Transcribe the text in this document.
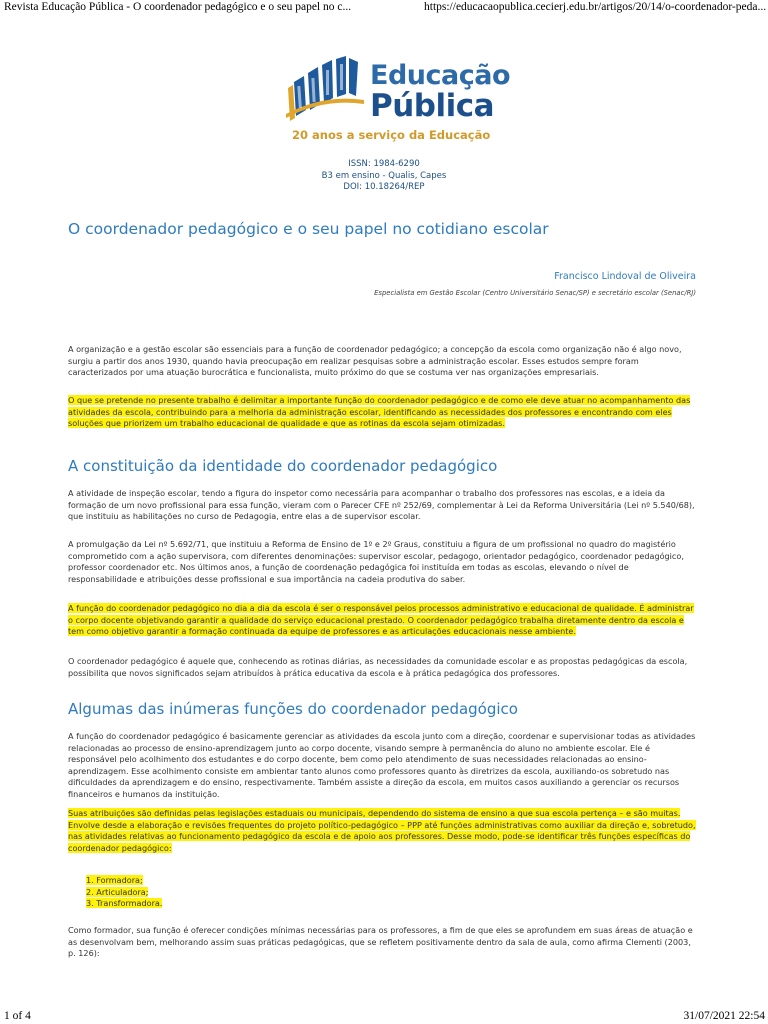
Revista Educação Pública - O coordenador pedagógico e o seu papel no c...	https://educacaopublica.cecierj.edu.br/artigos/20/14/o-coordenador-peda...
Educação
Pública
20 anos a serviço da Educação
ISSN: 1984-6290
B3 em ensino - Qualis, Capes
DOI: 10.18264/REP
O coordenador pedagógico e o seu papel no cotidiano escolar
Francisco Lindoval de Oliveira
Especialista em Gestão Escolar (Centro Universitário Senac/SP) e secretário escolar (Senac/RJ)

A organização e a gestão escolar são essenciais para a função de coordenador pedagógico; a concepção da escola como organização não é algo novo, surgiu a partir dos anos 1930, quando havia preocupação em realizar pesquisas sobre a administração escolar. Esses estudos sempre foram caracterizados por uma atuação burocrática e funcionalista, muito próximo do que se costuma ver nas organizações empresariais.

O que se pretende no presente trabalho é delimitar a importante função do coordenador pedagógico e de como ele deve atuar no acompanhamento das atividades da escola, contribuindo para a melhoria da administração escolar, identificando as necessidades dos professores e encontrando com eles soluções que priorizem um trabalho educacional de qualidade e que as rotinas da escola sejam otimizadas.

A constituição da identidade do coordenador pedagógico

A atividade de inspeção escolar, tendo a figura do inspetor como necessária para acompanhar o trabalho dos professores nas escolas, e a ideia da formação de um novo profissional para essa função, vieram com o Parecer CFE nº 252/69, complementar à Lei da Reforma Universitária (Lei nº 5.540/68), que instituiu as habilitações no curso de Pedagogia, entre elas a de supervisor escolar.

A promulgação da Lei nº 5.692/71, que instituiu a Reforma de Ensino de 1º e 2º Graus, constituiu a figura de um profissional no quadro do magistério comprometido com a ação supervisora, com diferentes denominações: supervisor escolar, pedagogo, orientador pedagógico, coordenador pedagógico, professor coordenador etc. Nos últimos anos, a função de coordenação pedagógica foi instituída em todas as escolas, elevando o nível de responsabilidade e atribuições desse profissional e sua importância na cadeia produtiva do saber.

A função do coordenador pedagógico no dia a dia da escola é ser o responsável pelos processos administrativo e educacional de qualidade. É administrar o corpo docente objetivando garantir a qualidade do serviço educacional prestado. O coordenador pedagógico trabalha diretamente dentro da escola e tem como objetivo garantir a formação continuada da equipe de professores e as articulações educacionais nesse ambiente.

O coordenador pedagógico é aquele que, conhecendo as rotinas diárias, as necessidades da comunidade escolar e as propostas pedagógicas da escola, possibilita que novos significados sejam atribuídos à prática educativa da escola e à prática pedagógica dos professores.

Algumas das inúmeras funções do coordenador pedagógico

A função do coordenador pedagógico é basicamente gerenciar as atividades da escola junto com a direção, coordenar e supervisionar todas as atividades relacionadas ao processo de ensino-aprendizagem junto ao corpo docente, visando sempre à permanência do aluno no ambiente escolar. Ele é responsável pelo acolhimento dos estudantes e do corpo docente, bem como pelo atendimento de suas necessidades relacionadas ao ensino-aprendizagem. Esse acolhimento consiste em ambientar tanto alunos como professores quanto às diretrizes da escola, auxiliando-os sobretudo nas dificuldades da aprendizagem e do ensino, respectivamente. Também assiste a direção da escola, em muitos casos auxiliando a gerenciar os recursos financeiros e humanos da instituição.

Suas atribuições são definidas pelas legislações estaduais ou municipais, dependendo do sistema de ensino a que sua escola pertença – e são muitas. Envolve desde a elaboração e revisões frequentes do projeto político-pedagógico – PPP até funções administrativas como auxiliar da direção e, sobretudo, nas atividades relativas ao funcionamento pedagógico da escola e de apoio aos professores. Desse modo, pode-se identificar três funções específicas do coordenador pedagógico:

1. Formadora;
2. Articuladora;
3. Transformadora.

Como formador, sua função é oferecer condições mínimas necessárias para os professores, a fim de que eles se aprofundem em suas áreas de atuação e as desenvolvam bem, melhorando assim suas práticas pedagógicas, que se refletem positivamente dentro da sala de aula, como afirma Clementi (2003, p. 126):

1 of 4	31/07/2021 22:54
